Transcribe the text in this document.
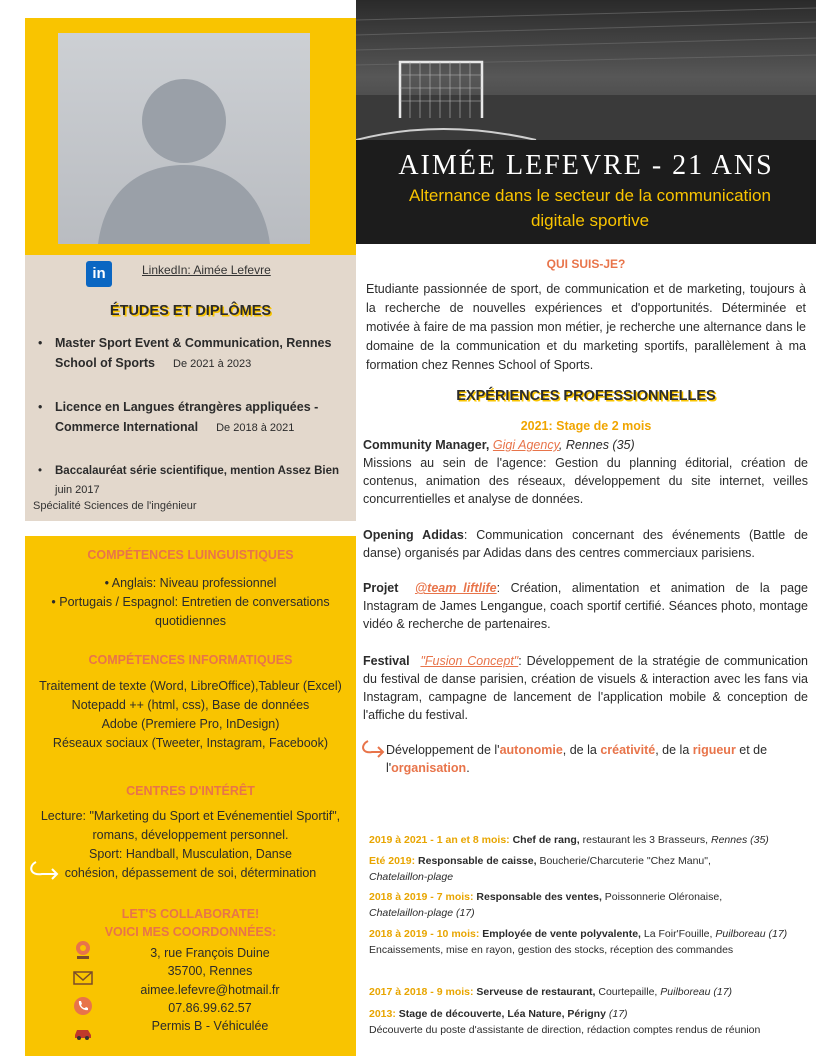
AIMÉE LEFEVRE - 21 ANS
Alternance dans le secteur de la communication
digitale sportive
in	LinkedIn: Aimée Lefevre
ÉTUDES ET DIPLÔMES
• Master Sport Event & Communication, Rennes
School of Sports De 2021 à 2023
• Licence en Langues étrangères appliquées -
Commerce International De 2018 à 2021
• Baccalauréat série scientifique, mention Assez Bien
juin 2017
Spécialité Sciences de l'ingénieur
COMPÉTENCES LUINGUISTIQUES
• Anglais: Niveau professionnel
• Portugais / Espagnol: Entretien de conversations
quotidiennes
COMPÉTENCES INFORMATIQUES
Traitement de texte (Word, LibreOffice),Tableur (Excel)
Notepadd ++ (html, css), Base de données
Adobe (Premiere Pro, InDesign)
Réseaux sociaux (Tweeter, Instagram, Facebook)
CENTRES D'INTÉRÊT
Lecture: "Marketing du Sport et Evénementiel Sportif",
romans, développement personnel.
Sport: Handball, Musculation, Danse
cohésion, dépassement de soi, détermination
LET'S COLLABORATE!
VOICI MES COORDONNÉES:
3, rue François Duine
35700, Rennes
aimee.lefevre@hotmail.fr
07.86.99.62.57
Permis B - Véhiculée
QUI SUIS-JE?
Etudiante passionnée de sport, de communication et de marketing, toujours à la recherche de nouvelles expériences et d'opportunités. Déterminée et motivée à faire de ma passion mon métier, je recherche une alternance dans le domaine de la communication et du marketing sportifs, parallèlement à ma formation chez Rennes School of Sports.
EXPÉRIENCES PROFESSIONNELLES
2021: Stage de 2 mois
Community Manager, Gigi Agency, Rennes (35)
Missions au sein de l'agence: Gestion du planning éditorial, création de contenus, animation des réseaux, développement du site internet, veilles concurrentielles et analyse de données.
Opening Adidas: Communication concernant des événements (Battle de danse) organisés par Adidas dans des centres commerciaux parisiens.
Projet @team_liftlife: Création, alimentation et animation de la page Instagram de James Lengangue, coach sportif certifié. Séances photo, montage vidéo & recherche de partenaires.
Festival "Fusion Concept": Développement de la stratégie de communication du festival de danse parisien, création de visuels & interaction avec les fans via Instagram, campagne de lancement de l'application mobile & conception de l'affiche du festival.
Développement de l'autonomie, de la créativité, de la rigueur et de l'organisation.
2019 à 2021 - 1 an et 8 mois: Chef de rang, restaurant les 3 Brasseurs, Rennes (35)
Eté 2019: Responsable de caisse, Boucherie/Charcuterie "Chez Manu",
Chatelaillon-plage
2018 à 2019 - 7 mois: Responsable des ventes, Poissonnerie Oléronaise,
Chatelaillon-plage (17)
2018 à 2019 - 10 mois: Employée de vente polyvalente, La Foir'Fouille, Puilboreau (17)
Encaissements, mise en rayon, gestion des stocks, réception des commandes
2017 à 2018 - 9 mois: Serveuse de restaurant, Courtepaille, Puilboreau (17)
2013: Stage de découverte, Léa Nature, Périgny (17)
Découverte du poste d'assistante de direction, rédaction comptes rendus de réunion
